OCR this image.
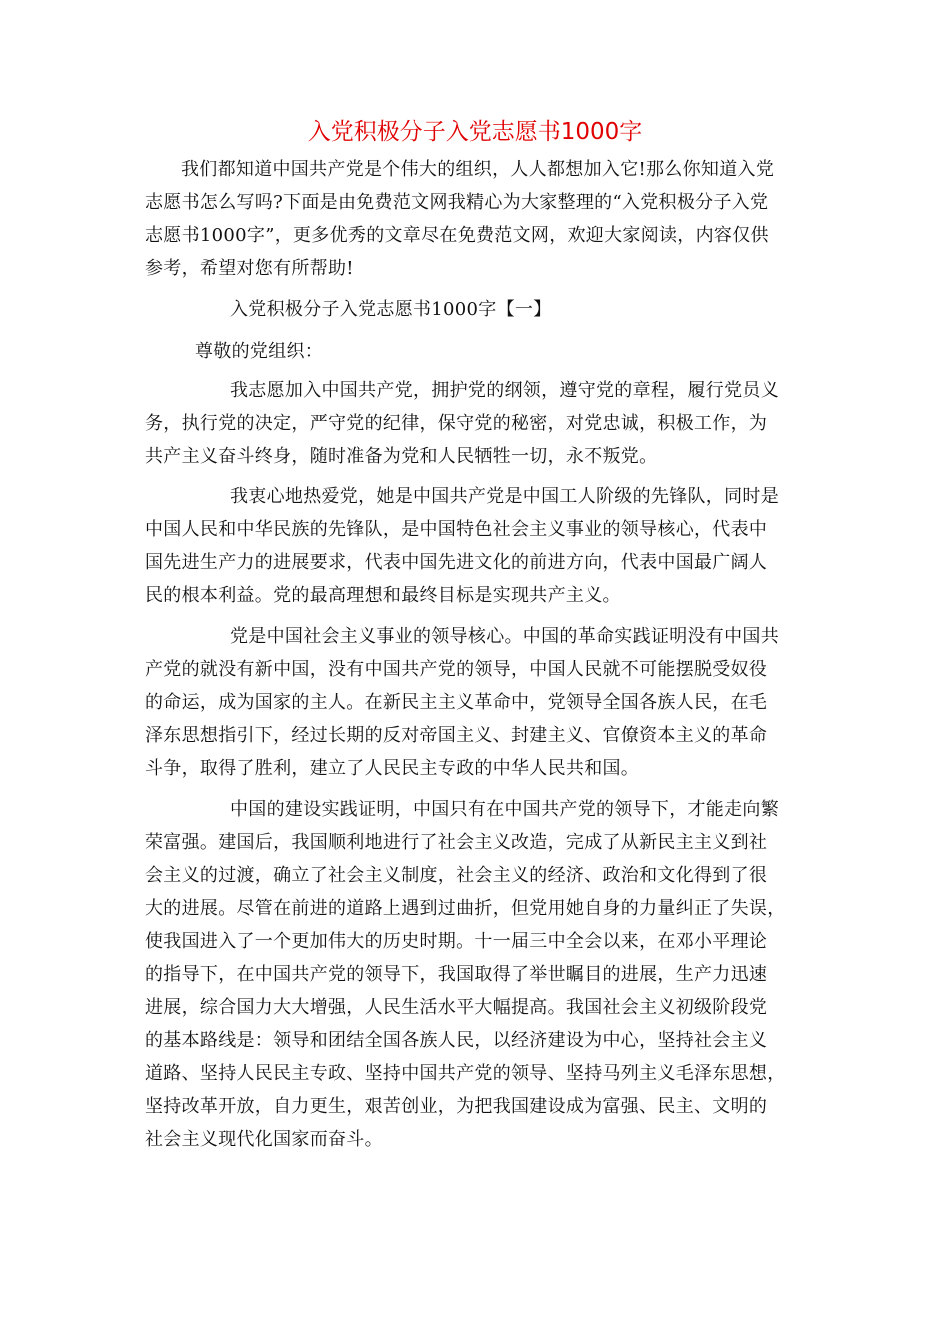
入党积极分子入党志愿书1000字
我们都知道中国共产党是个伟大的组织，人人都想加入它!那么你知道入党
志愿书怎么写吗?下面是由免费范文网我精心为大家整理的“入党积极分子入党
志愿书1000字”，更多优秀的文章尽在免费范文网，欢迎大家阅读，内容仅供
参考，希望对您有所帮助!
入党积极分子入党志愿书1000字【一】
尊敬的党组织：
我志愿加入中国共产党，拥护党的纲领，遵守党的章程，履行党员义
务，执行党的决定，严守党的纪律，保守党的秘密，对党忠诚，积极工作，为
共产主义奋斗终身，随时准备为党和人民牺牲一切，永不叛党。
我衷心地热爱党，她是中国共产党是中国工人阶级的先锋队，同时是
中国人民和中华民族的先锋队，是中国特色社会主义事业的领导核心，代表中
国先进生产力的进展要求，代表中国先进文化的前进方向，代表中国最广阔人
民的根本利益。党的最高理想和最终目标是实现共产主义。
党是中国社会主义事业的领导核心。中国的革命实践证明没有中国共
产党的就没有新中国，没有中国共产党的领导，中国人民就不可能摆脱受奴役
的命运，成为国家的主人。在新民主主义革命中，党领导全国各族人民，在毛
泽东思想指引下，经过长期的反对帝国主义、封建主义、官僚资本主义的革命
斗争，取得了胜利，建立了人民民主专政的中华人民共和国。
中国的建设实践证明，中国只有在中国共产党的领导下，才能走向繁
荣富强。建国后，我国顺利地进行了社会主义改造，完成了从新民主主义到社
会主义的过渡，确立了社会主义制度，社会主义的经济、政治和文化得到了很
大的进展。尽管在前进的道路上遇到过曲折，但党用她自身的力量纠正了失误，
使我国进入了一个更加伟大的历史时期。十一届三中全会以来，在邓小平理论
的指导下，在中国共产党的领导下，我国取得了举世瞩目的进展，生产力迅速
进展，综合国力大大增强，人民生活水平大幅提高。我国社会主义初级阶段党
的基本路线是：领导和团结全国各族人民，以经济建设为中心，坚持社会主义
道路、坚持人民民主专政、坚持中国共产党的领导、坚持马列主义毛泽东思想，
坚持改革开放，自力更生，艰苦创业，为把我国建设成为富强、民主、文明的
社会主义现代化国家而奋斗。
